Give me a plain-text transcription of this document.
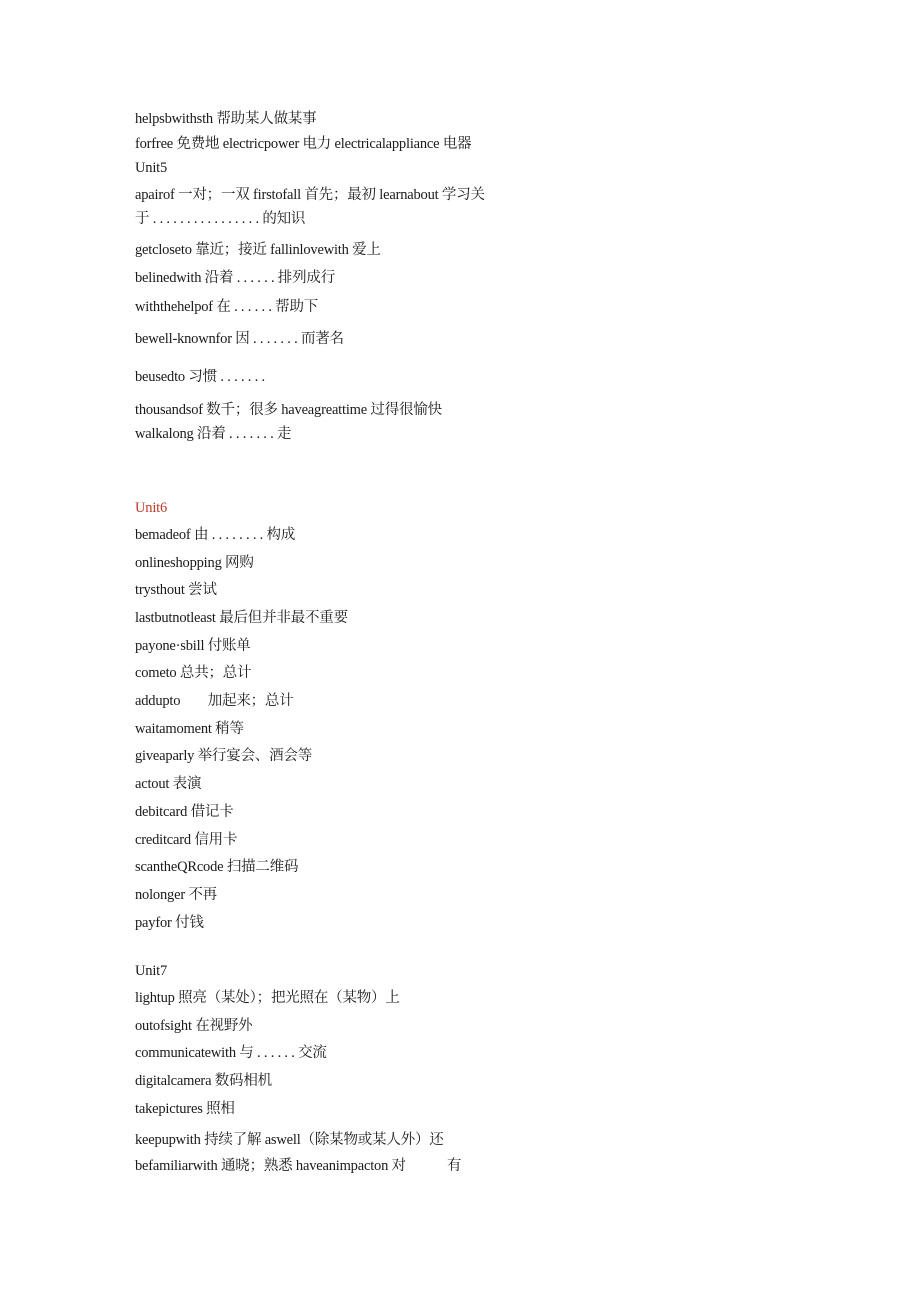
helpsbwithsth 帮助某人做某事
forfree 免费地 electricpower 电力 electricalappliance 电器 Unit5
apairof 一对；一双 firstofall 首先；最初 learnabout 学习关于 . . . . . . . . . . . . . . . . 的知识
getcloseto 靠近；接近 fallinlovewith 爱上
belinedwith 沿着 . . . . . . 排列成行
withthehelpof 在 . . . . . . 帮助下
bewell-knownfor 因 . . . . . . . 而著名
beusedto 习惯 . . . . . . .
thousandsof 数千；很多 haveagreattime 过得很愉快
walkalong 沿着 . . . . . . . 走
Unit6
bemadeof 由 . . . . . . . . 构成
onlineshopping 网购
trysthout 尝试
lastbutnotleast 最后但并非最不重要
payone·sbill 付账单
cometo 总共；总计
addupto        加起来；总计
waitamoment 稍等
giveaparly 举行宴会、酒会等
actout 表演
debitcard 借记卡
creditcard 信用卡
scantheQRcode 扫描二维码
nolonger 不再
payfor 付钱
Unit7
lightup 照亮（某处）；把光照在（某物）上
outofsight 在视野外
communicatewith 与 . . . . . . 交流
digitalcamera 数码相机
takepictures 照相
keepupwith 持续了解 aswell（除某物或某人外）还
befamiliarwith 通晓；熟悉 haveanimpacton 对            有
